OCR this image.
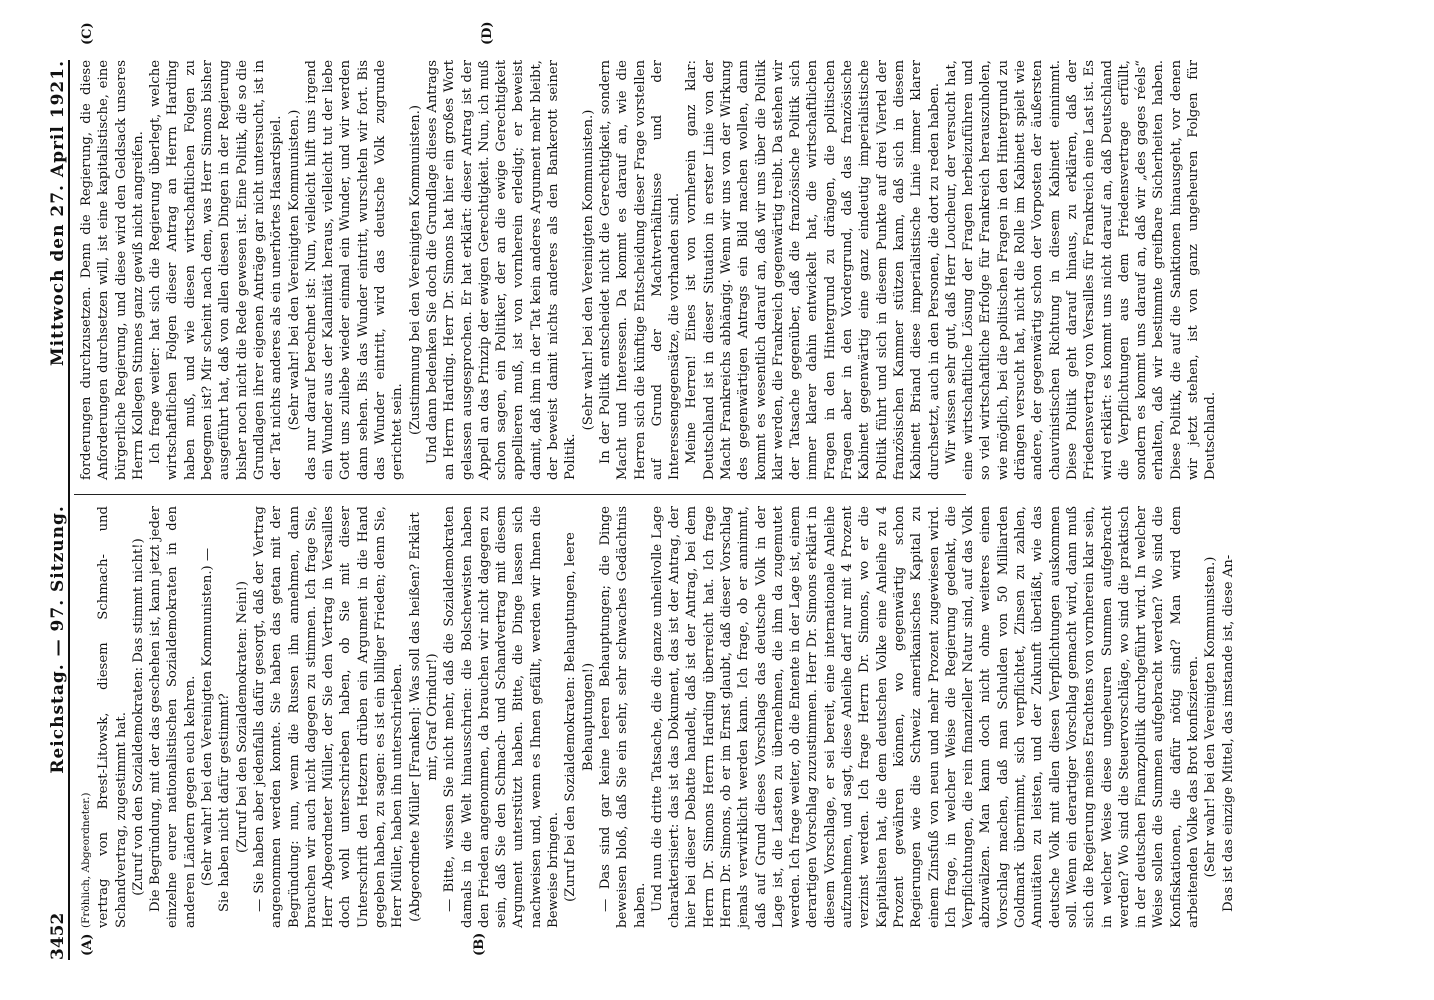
3452
Reichstag. — 97. Sitzung.
Mittwoch den 27. April 1921.
(A)	(B)
(C)	(D)

(Fröhlich, Abgeordneter.) vertrag von Brest-Litowsk, diesem Schmach- und Schandvertrag, zugestimmt hat. (Zuruf von den Sozialdemokraten: Das stimmt nicht!) Die Begründung, mit der das geschehen ist, kann jetzt jeder einzelne eurer nationalistischen Sozialdemokraten in den anderen Ländern gegen euch kehren. (Sehr wahr! bei den Vereinigten Kommunisten.) — Sie haben nicht dafür gestimmt? (Zuruf bei den Sozialdemokraten: Nein!) — Sie haben aber jedenfalls dafür gesorgt, daß der Vertrag angenommen werden konnte. Sie haben das getan mit der Begründung: nun, wenn die Russen ihn annehmen, dann brauchen wir auch nicht dagegen zu stimmen. Ich frage Sie, Herr Abgeordneter Müller, der Sie den Vertrag in Versailles doch wohl unterschrieben haben, ob Sie mit dieser Unterschrift den Hetzern drüben ein Argument in die Hand gegeben haben, zu sagen: es ist ein billiger Frieden; denn Sie, Herr Müller, haben ihn unterschrieben. (Abgeordnete Müller [Franken]: Was soll das heißen? Erklärt mir, Graf Orindur!) — Bitte, wissen Sie nicht mehr, daß die Sozialdemokraten damals in die Welt hinausschrien: die Bolschewisten haben den Frieden angenommen, da brauchen wir nicht dagegen zu sein, daß Sie den Schmach- und Schandvertrag mit diesem Argument unterstützt haben. Bitte, die Dinge lassen sich nachweisen und, wenn es Ihnen gefällt, werden wir Ihnen die Beweise bringen. (Zuruf bei den Sozialdemokraten: Behauptungen, leere Behauptungen!) — Das sind gar keine leeren Behauptungen; die Dinge beweisen bloß, daß Sie ein sehr, sehr schwaches Gedächtnis haben. Und nun die dritte Tatsache, die die ganze unheilvolle Lage charakterisiert: das ist das Dokument, das ist der Antrag, der hier bei dieser Debatte handelt, daß ist der Antrag, bei dem Herrn Dr. Simons Herrn Harding überreicht hat. Ich frage Herrn Dr. Simons, ob er im Ernst glaubt, daß dieser Vorschlag jemals verwirklicht werden kann. Ich frage, ob er annimmt, daß auf Grund dieses Vorschlags das deutsche Volk in der Lage ist, die Lasten zu übernehmen, die ihm da zugemutet werden. Ich frage weiter, ob die Entente in der Lage ist, einem derartigen Vorschlag zuzustimmen. Herr Dr. Simons erklärt in diesem Vorschlage, er sei bereit, eine internationale Anleihe aufzunehmen, und sagt, diese Anleihe darf nur mit 4 Prozent verzinst werden. Ich frage Herrn Dr. Simons, wo er die Kapitalisten hat, die dem deutschen Volke eine Anleihe zu 4 Prozent gewähren können, wo gegenwärtig schon Regierungen wie die Schweiz amerikanisches Kapital zu einem Zinsfuß von neun und mehr Prozent zugewiesen wird. Ich frage, in welcher Weise die Regierung gedenkt, die Verpflichtungen, die rein finanzieller Natur sind, auf das Volk abzuwälzen. Man kann doch nicht ohne weiteres einen Vorschlag machen, daß man Schulden von 50 Milliarden Goldmark übernimmt, sich verpflichtet, Zinsen zu zahlen, Annuitäten zu leisten, und der Zukunft überläßt, wie das deutsche Volk mit allen diesen Verpflichtungen auskommen soll. Wenn ein derartiger Vorschlag gemacht wird, dann muß sich die Regierung meines Erachtens von vornherein klar sein, in welcher Weise diese ungeheuren Summen aufgebracht werden? Wo sind die Steuervorschläge, wo sind die praktisch in der deutschen Finanzpolitik durchgeführt wird. In welcher Weise sollen die Summen aufgebracht werden? Wo sind die Konfiskationen, die dafür nötig sind? Man wird dem arbeitenden Volke das Brot konfiszieren. (Sehr wahr! bei den Vereinigten Kommunisten.) Das ist das einzige Mittel, das imstande ist, diese An-

forderungen durchzusetzen. Denn die Regierung, die diese Anforderungen durchsetzen will, ist eine kapitalistische, eine bürgerliche Regierung, und diese wird den Geldsack unseres Herrn Kollegen Stinnes ganz gewiß nicht angreifen. Ich frage weiter: hat sich die Regierung überlegt, welche wirtschaftlichen Folgen dieser Antrag an Herrn Harding haben muß, und wie diesen wirtschaftlichen Folgen zu begegnen ist? Mir scheint nach dem, was Herr Simons bisher ausgeführt hat, daß von allen diesen Dingen in der Regierung bisher noch nicht die Rede gewesen ist. Eine Politik, die so die Grundlagen ihrer eigenen Anträge gar nicht untersucht, ist in der Tat nichts anderes als ein unerhörtes Hasardspiel. (Sehr wahr! bei den Vereinigten Kommunisten.) das nur darauf berechnet ist: Nun, vielleicht hilft uns irgend ein Wunder aus der Kalamität heraus, vielleicht tut der liebe Gott uns zuliebe wieder einmal ein Wunder, und wir werden dann sehen. Bis das Wunder eintritt, wurschteln wir fort. Bis das Wunder eintritt, wird das deutsche Volk zugrunde gerichtet sein. (Zustimmung bei den Vereinigten Kommunisten.) Und dann bedenken Sie doch die Grundlage dieses Antrags an Herrn Harding. Herr Dr. Simons hat hier ein großes Wort gelassen ausgesprochen. Er hat erklärt: dieser Antrag ist der Appell an das Prinzip der ewigen Gerechtigkeit. Nun, ich muß schon sagen, ein Politiker, der an die ewige Gerechtigkeit appellieren muß, ist von vornherein erledigt; er beweist damit, daß ihm in der Tat kein anderes Argument mehr bleibt, der beweist damit nichts anderes als den Bankerott seiner Politik.

(Sehr wahr! bei den Vereinigten Kommunisten.) In der Politik entscheidet nicht die Gerechtigkeit, sondern Macht und Interessen. Da kommt es darauf an, wie die Herren sich die künftige Entscheidung dieser Frage vorstellen auf Grund der Machtverhältnisse und der Interessengegensätze, die vorhanden sind. Meine Herren! Eines ist von vornherein ganz klar: Deutschland ist in dieser Situation in erster Linie von der Macht Frankreichs abhängig. Wenn wir uns von der Wirkung des gegenwärtigen Antrags ein Bild machen wollen, dann kommt es wesentlich darauf an, daß wir uns über die Politik klar werden, die Frankreich gegenwärtig treibt. Da stehen wir der Tatsache gegenüber, daß die französische Politik sich immer klarer dahin entwickelt hat, die wirtschaftlichen Fragen in den Hintergrund zu drängen, die politischen Fragen aber in den Vordergrund, daß das französische Kabinett gegenwärtig eine ganz eindeutig imperialistische Politik führt und sich in diesem Punkte auf drei Viertel der französischen Kammer stützen kann, daß sich in diesem Kabinett Briand diese imperialistische Linie immer klarer durchsetzt, auch in den Personen, die dort zu reden haben. Wir wissen sehr gut, daß Herr Loucheur, der versucht hat, eine wirtschaftliche Lösung der Fragen herbeizuführen und so viel wirtschaftliche Erfolge für Frankreich herauszuholen, wie möglich, bei die politischen Fragen in den Hintergrund zu drängen versucht hat, nicht die Rolle im Kabinett spielt wie andere, der gegenwärtig schon der Vorposten der äußersten chauvinistischen Richtung in diesem Kabinett einnimmt. Diese Politik geht darauf hinaus, zu erklären, daß der Friedensvertrag von Versailles für Frankreich eine Last ist. Es wird erklärt: es kommt uns nicht darauf an, daß Deutschland die Verpflichtungen aus dem Friedensvertrage erfüllt, sondern es kommt uns darauf an, daß wir „des gages réels“ erhalten, daß wir bestimmte greifbare Sicherheiten haben. Diese Politik, die auf die Sanktionen hinausgeht, vor denen wir jetzt stehen, ist von ganz ungeheuren Folgen für Deutschland.
